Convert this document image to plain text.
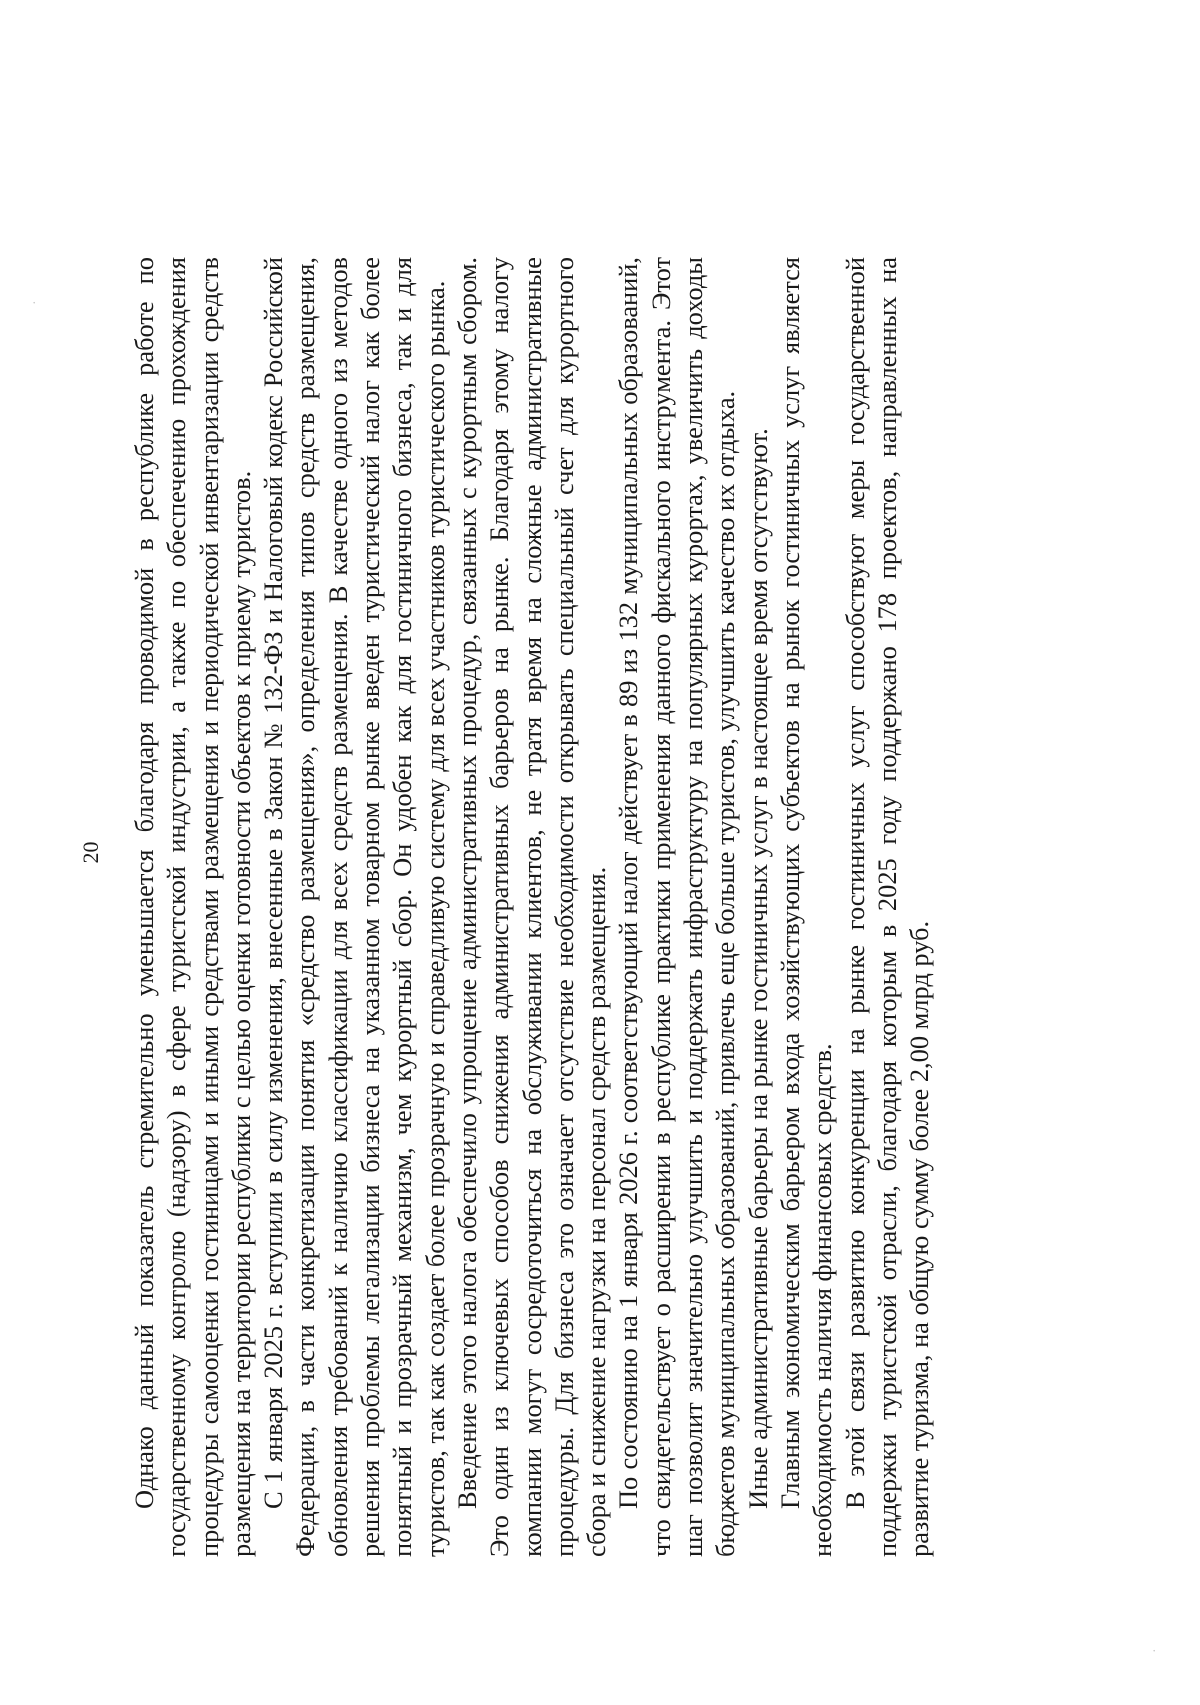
·
·

20 Однако данный показатель стремительно уменьшается благодаря проводимой в республике работе по государственному контролю (надзору) в сфере туристской индустрии, а также по обеспечению прохождения процедуры самооценки гостиницами и иными средствами размещения и периодической инвентаризации средств размещения на территории республики с целью оценки готовности объектов к приему туристов. С 1 января 2025 г. вступили в силу изменения, внесенные в Закон № 132-ФЗ и Налоговый кодекс Российской Федерации, в части конкретизации понятия «средство размещения», определения типов средств размещения, обновления требований к наличию классификации для всех средств размещения. В качестве одного из методов решения проблемы легализации бизнеса на указанном товарном рынке введен туристический налог как более понятный и прозрачный механизм, чем курортный сбор. Он удобен как для гостиничного бизнеса, так и для туристов, так как создает более прозрачную и справедливую систему для всех участников туристического рынка. Введение этого налога обеспечило упрощение административных процедур, связанных с курортным сбором. Это один из ключевых способов снижения административных барьеров на рынке. Благодаря этому налогу компании могут сосредоточиться на обслуживании клиентов, не тратя время на сложные административные процедуры. Для бизнеса это означает отсутствие необходимости открывать специальный счет для курортного сбора и снижение нагрузки на персонал средств размещения. По состоянию на 1 января 2026 г. соответствующий налог действует в 89 из 132 муниципальных образований, что свидетельствует о расширении в республике практики применения данного фискального инструмента. Этот шаг позволит значительно улучшить и поддержать инфраструктуру на популярных курортах, увеличить доходы бюджетов муниципальных образований, привлечь еще больше туристов, улучшить качество их отдыха. Иные административные барьеры на рынке гостиничных услуг в настоящее время отсутствуют. Главным экономическим барьером входа хозяйствующих субъектов на рынок гостиничных услуг является необходимость наличия финансовых средств. В этой связи развитию конкуренции на рынке гостиничных услуг способствуют меры государственной поддержки туристской отрасли, благодаря которым в 2025 году поддержано 178 проектов, направленных на развитие туризма, на общую сумму более 2,00 млрд руб.
